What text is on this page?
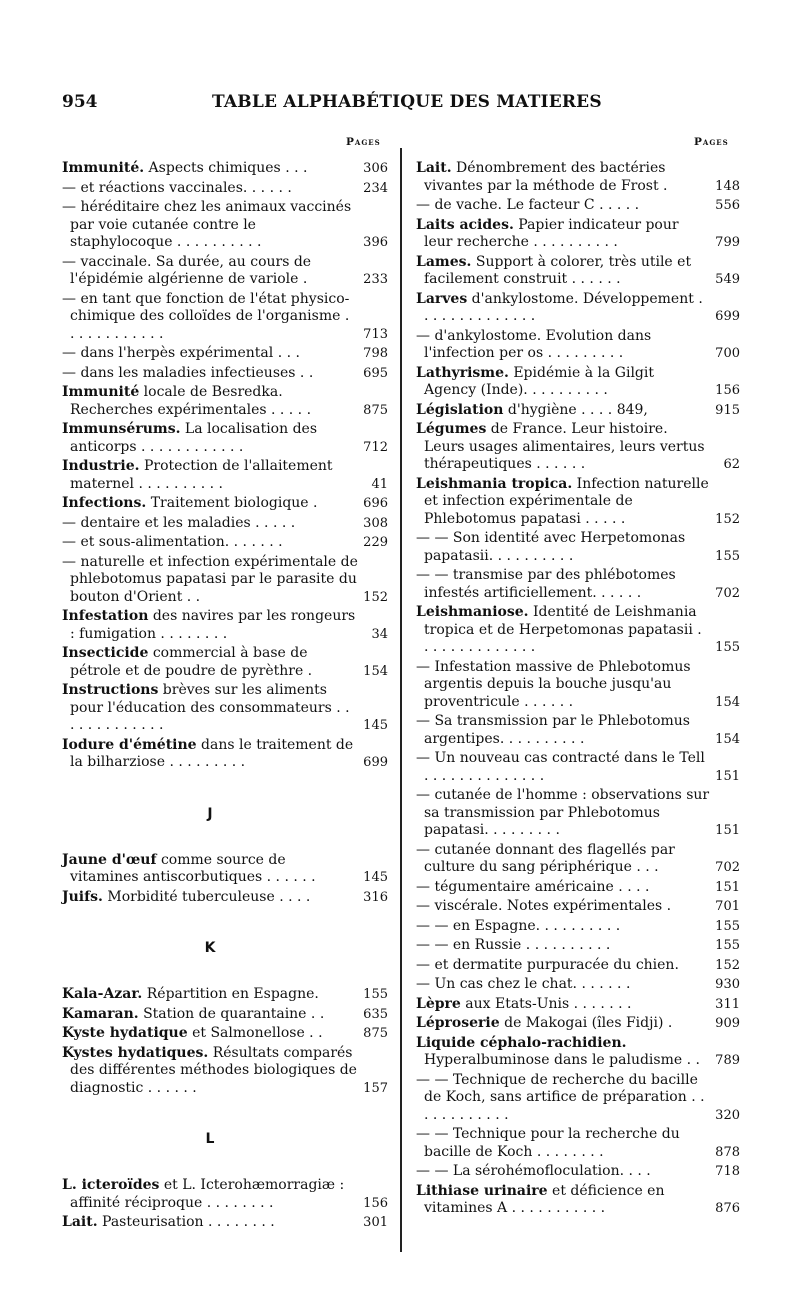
954	TABLE ALPHABÉTIQUE DES MATIERES
Pages	Pages
Immunité. Aspects chimiques . . .	306
— et réactions vaccinales. . . . . .	234
— héréditaire chez les animaux vaccinés par voie cutanée contre le staphylocoque . . . . . . . . . .	396
— vaccinale. Sa durée, au cours de l'épidémie algérienne de variole .	233
— en tant que fonction de l'état physico-chimique des colloïdes de l'organisme . . . . . . . . . . . .	713
— dans l'herpès expérimental . . .	798
— dans les maladies infectieuses . .	695
Immunité locale de Besredka. Recherches expérimentales . . . . .	875
Immunsérums. La localisation des anticorps . . . . . . . . . . . .	712
Industrie. Protection de l'allaitement maternel . . . . . . . . . .	41
Infections. Traitement biologique .	696
— dentaire et les maladies . . . . .	308
— et sous-alimentation. . . . . . .	229
— naturelle et infection expérimentale de phlebotomus papatasi par le parasite du bouton d'Orient . .	152
Infestation des navires par les rongeurs : fumigation . . . . . . . .	34
Insecticide commercial à base de pétrole et de poudre de pyrèthre .	154
Instructions brèves sur les aliments pour l'éducation des consommateurs . . . . . . . . . . . . .	145
Iodure d'émétine dans le traitement de la bilharziose . . . . . . . . .	699
J
Jaune d'œuf comme source de vitamines antiscorbutiques . . . . . .	145
Juifs. Morbidité tuberculeuse . . . .	316
K
Kala-Azar. Répartition en Espagne.	155
Kamaran. Station de quarantaine . .	635
Kyste hydatique et Salmonellose . .	875
Kystes hydatiques. Résultats comparés des différentes méthodes biologiques de diagnostic . . . . . .	157
L
L. icteroïdes et L. Icterohæmorragiæ : affinité réciproque . . . . . . . .	156
Lait. Pasteurisation . . . . . . . .	301
Lait. Dénombrement des bactéries vivantes par la méthode de Frost .	148
— de vache. Le facteur C . . . . .	556
Laits acides. Papier indicateur pour leur recherche . . . . . . . . . .	799
Lames. Support à colorer, très utile et facilement construit . . . . . .	549
Larves d'ankylostome. Développement . . . . . . . . . . . . . .	699
— d'ankylostome. Evolution dans l'infection per os . . . . . . . . .	700
Lathyrisme. Epidémie à la Gilgit Agency (Inde). . . . . . . . . .	156
Législation d'hygiène . . . . 849,	915
Légumes de France. Leur histoire. Leurs usages alimentaires, leurs vertus thérapeutiques . . . . . .	62
Leishmania tropica. Infection naturelle et infection expérimentale de Phlebotomus papatasi . . . . .	152
— — Son identité avec Herpetomonas papatasii. . . . . . . . . .	155
— — transmise par des phlébotomes infestés artificiellement. . . . . .	702
Leishmaniose. Identité de Leishmania tropica et de Herpetomonas papatasii . . . . . . . . . . . . . .	155
— Infestation massive de Phlebotomus argentis depuis la bouche jusqu'au proventricule . . . . . .	154
— Sa transmission par le Phlebotomus argentipes. . . . . . . . . .	154
— Un nouveau cas contracté dans le Tell . . . . . . . . . . . . . .	151
— cutanée de l'homme : observations sur sa transmission par Phlebotomus papatasi. . . . . . . . .	151
— cutanée donnant des flagellés par culture du sang périphérique . . .	702
— tégumentaire américaine . . . .	151
— viscérale. Notes expérimentales .	701
— — en Espagne. . . . . . . . . .	155
— — en Russie . . . . . . . . . .	155
— et dermatite purpuracée du chien.	152
— Un cas chez le chat. . . . . . .	930
Lèpre aux Etats-Unis . . . . . . .	311
Léproserie de Makogai (îles Fidji) .	909
Liquide céphalo-rachidien. Hyperalbuminose dans le paludisme . .	789
— — Technique de recherche du bacille de Koch, sans artifice de préparation . . . . . . . . . . . .	320
— — Technique pour la recherche du bacille de Koch . . . . . . . .	878
— — La sérohémofloculation. . . .	718
Lithiase urinaire et déficience en vitamines A . . . . . . . . . . .	876
